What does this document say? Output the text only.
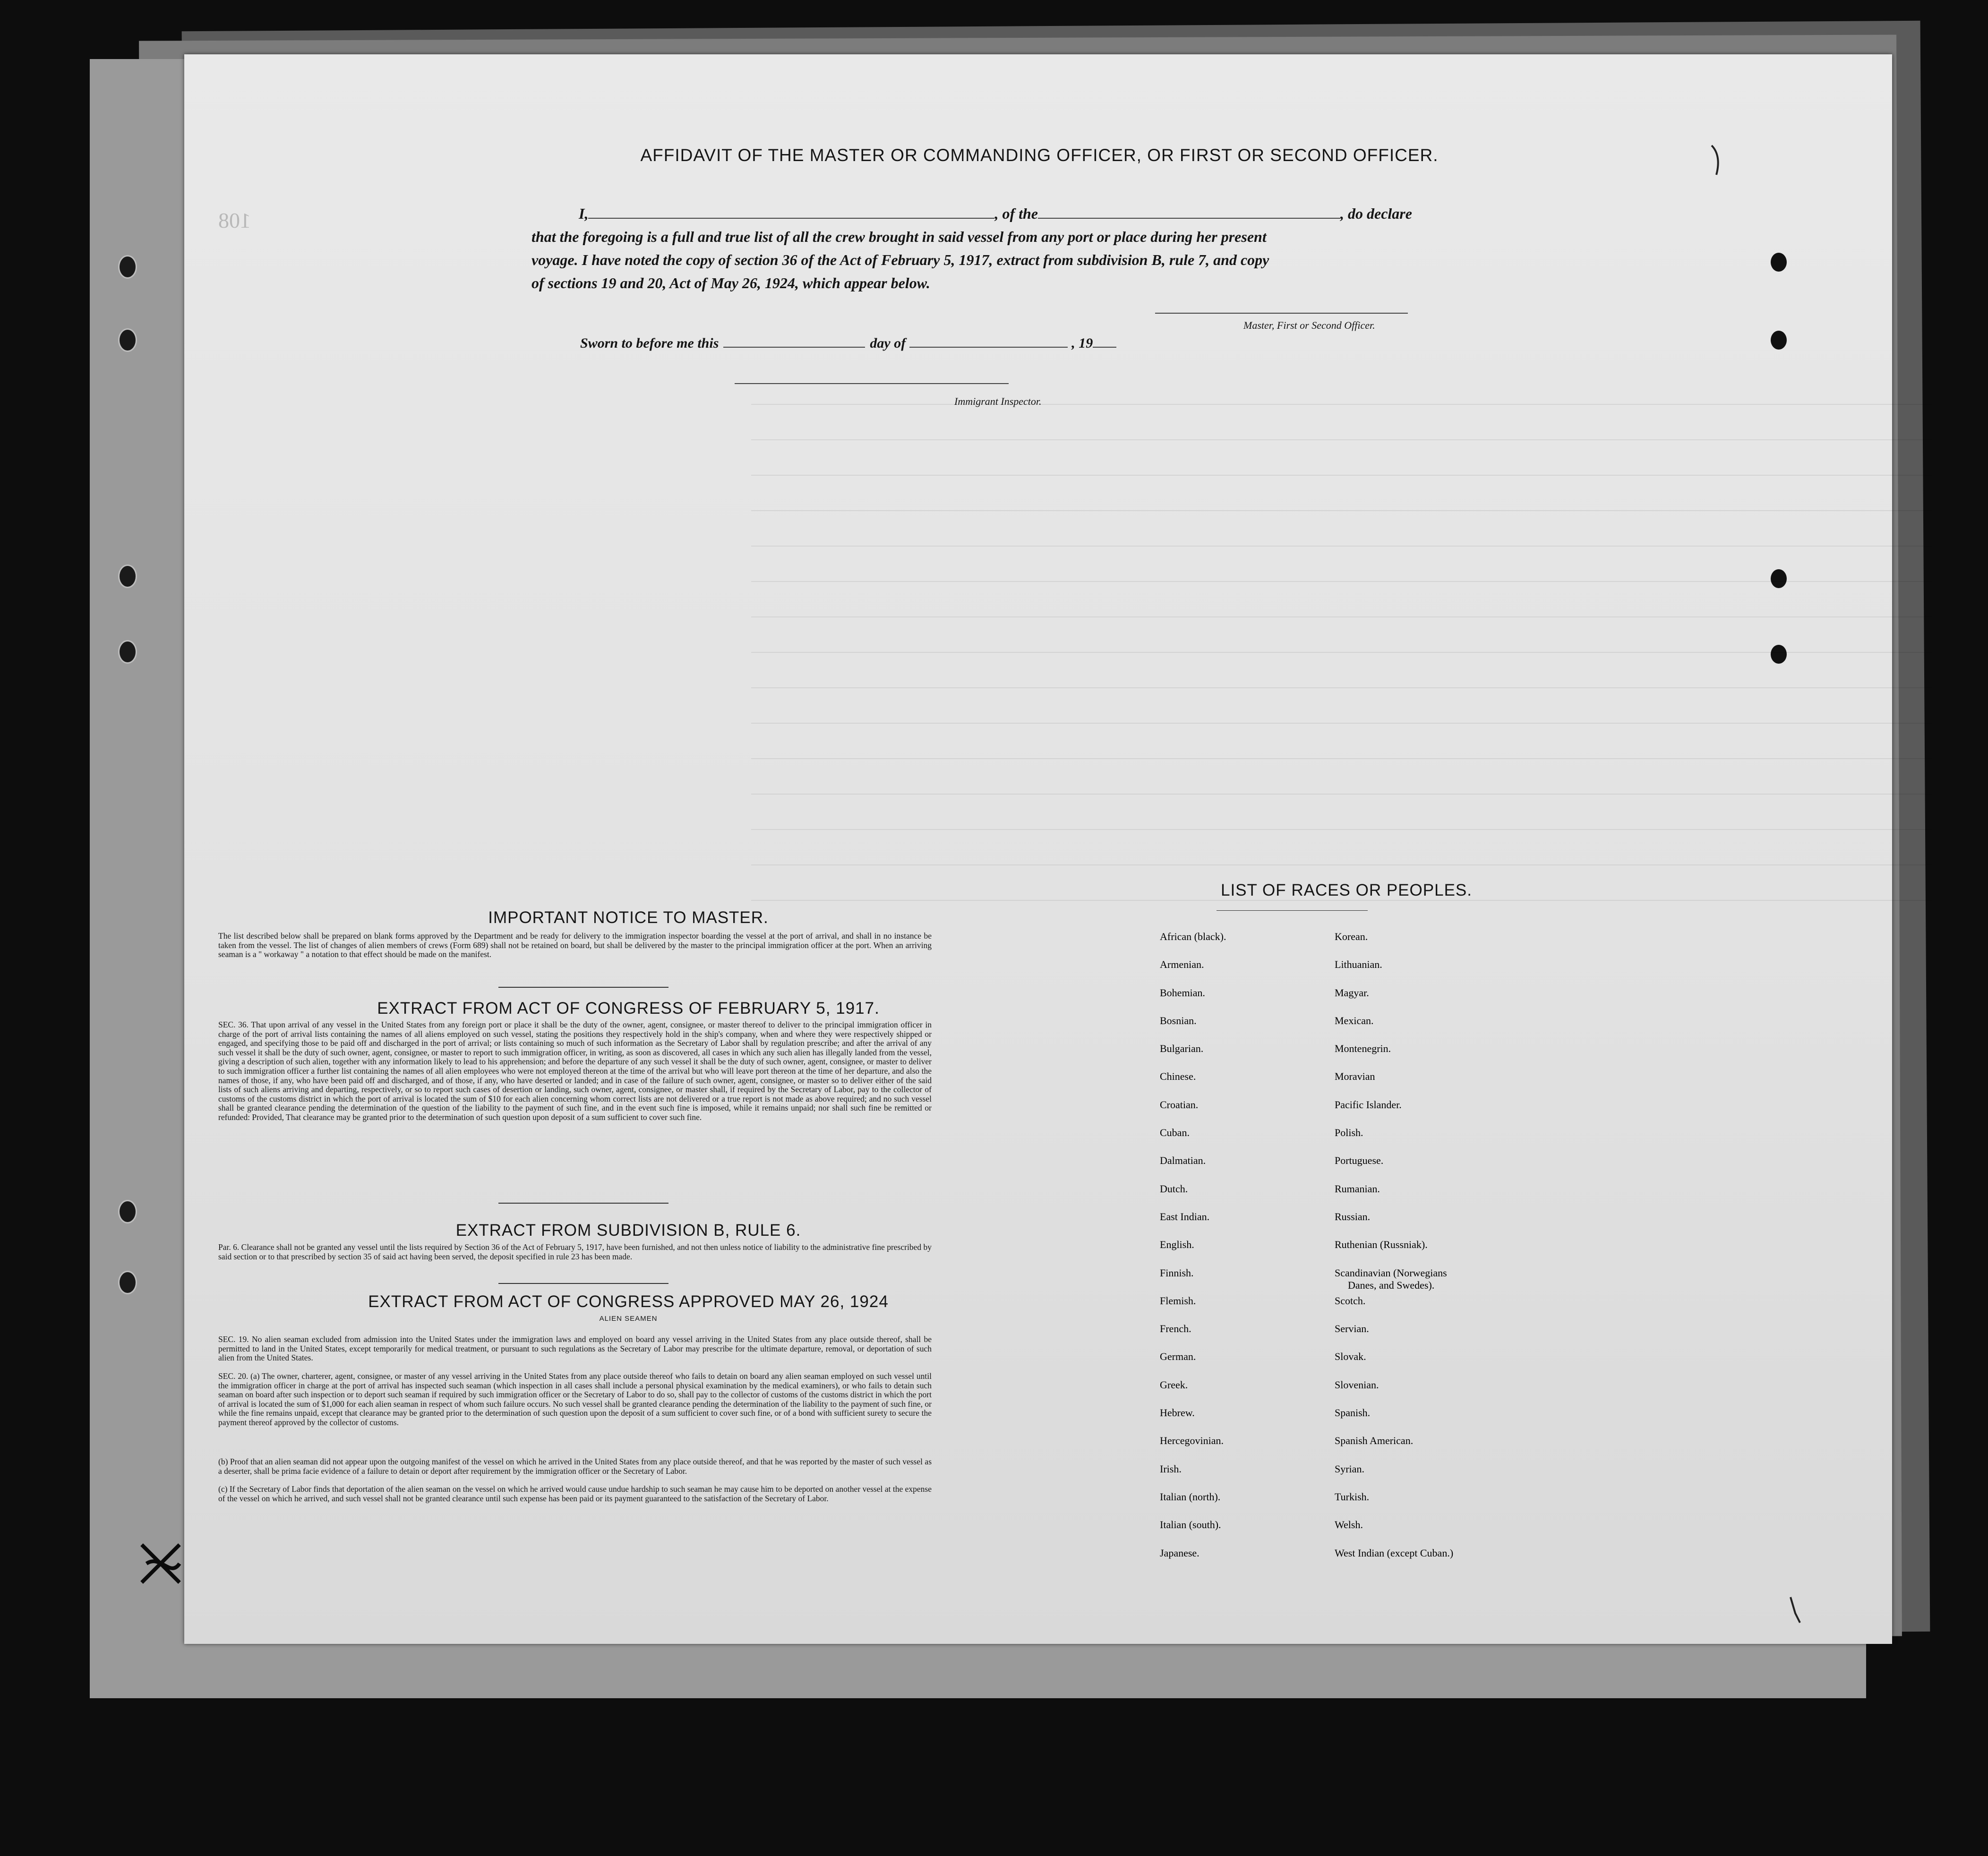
108
AFFIDAVIT OF THE MASTER OR COMMANDING OFFICER, OR FIRST OR SECOND OFFICER.
I,	, of the	, do declare
that the foregoing is a full and true list of all the crew brought in said vessel from any port or place during her present
voyage. I have noted the copy of section 36 of the Act of February 5, 1917, extract from subdivision B, rule 7, and copy
of sections 19 and 20, Act of May 26, 1924, which appear below.
Master, First or Second Officer.
Sworn to before me this	day of	, 19
Immigrant Inspector.
IMPORTANT NOTICE TO MASTER.
The list described below shall be prepared on blank forms approved by the Department and be ready for delivery to the immigration inspector boarding the vessel at the port of arrival, and shall in no instance be taken from the vessel. The list of changes of alien members of crews (Form 689) shall not be retained on board, but shall be delivered by the master to the principal immigration officer at the port. When an arriving seaman is a " workaway " a notation to that effect should be made on the manifest.
EXTRACT FROM ACT OF CONGRESS OF FEBRUARY 5, 1917.
SEC. 36. That upon arrival of any vessel in the United States from any foreign port or place it shall be the duty of the owner, agent, consignee, or master thereof to deliver to the principal immigration officer in charge of the port of arrival lists containing the names of all aliens employed on such vessel, stating the positions they respectively hold in the ship's company, when and where they were respectively shipped or engaged, and specifying those to be paid off and discharged in the port of arrival; or lists containing so much of such information as the Secretary of Labor shall by regulation prescribe; and after the arrival of any such vessel it shall be the duty of such owner, agent, consignee, or master to report to such immigration officer, in writing, as soon as discovered, all cases in which any such alien has illegally landed from the vessel, giving a description of such alien, together with any information likely to lead to his apprehension; and before the departure of any such vessel it shall be the duty of such owner, agent, consignee, or master to deliver to such immigration officer a further list containing the names of all alien employees who were not employed thereon at the time of the arrival but who will leave port thereon at the time of her departure, and also the names of those, if any, who have been paid off and discharged, and of those, if any, who have deserted or landed; and in case of the failure of such owner, agent, consignee, or master so to deliver either of the said lists of such aliens arriving and departing, respectively, or so to report such cases of desertion or landing, such owner, agent, consignee, or master shall, if required by the Secretary of Labor, pay to the collector of customs of the customs district in which the port of arrival is located the sum of $10 for each alien concerning whom correct lists are not delivered or a true report is not made as above required; and no such vessel shall be granted clearance pending the determination of the question of the liability to the payment of such fine, and in the event such fine is imposed, while it remains unpaid; nor shall such fine be remitted or refunded: Provided, That clearance may be granted prior to the determination of such question upon deposit of a sum sufficient to cover such fine.
EXTRACT FROM SUBDIVISION B, RULE 6.
Par. 6. Clearance shall not be granted any vessel until the lists required by Section 36 of the Act of February 5, 1917, have been furnished, and not then unless notice of liability to the administrative fine prescribed by said section or to that prescribed by section 35 of said act having been served, the deposit specified in rule 23 has been made.
EXTRACT FROM ACT OF CONGRESS APPROVED MAY 26, 1924
ALIEN SEAMEN
SEC. 19. No alien seaman excluded from admission into the United States under the immigration laws and employed on board any vessel arriving in the United States from any place outside thereof, shall be permitted to land in the United States, except temporarily for medical treatment, or pursuant to such regulations as the Secretary of Labor may prescribe for the ultimate departure, removal, or deportation of such alien from the United States.
SEC. 20. (a) The owner, charterer, agent, consignee, or master of any vessel arriving in the United States from any place outside thereof who fails to detain on board any alien seaman employed on such vessel until the immigration officer in charge at the port of arrival has inspected such seaman (which inspection in all cases shall include a personal physical examination by the medical examiners), or who fails to detain such seaman on board after such inspection or to deport such seaman if required by such immigration officer or the Secretary of Labor to do so, shall pay to the collector of customs of the customs district in which the port of arrival is located the sum of $1,000 for each alien seaman in respect of whom such failure occurs. No such vessel shall be granted clearance pending the determination of the liability to the payment of such fine, or while the fine remains unpaid, except that clearance may be granted prior to the determination of such question upon the deposit of a sum sufficient to cover such fine, or of a bond with sufficient surety to secure the payment thereof approved by the collector of customs.
(b) Proof that an alien seaman did not appear upon the outgoing manifest of the vessel on which he arrived in the United States from any place outside thereof, and that he was reported by the master of such vessel as a deserter, shall be prima facie evidence of a failure to detain or deport after requirement by the immigration officer or the Secretary of Labor.
(c) If the Secretary of Labor finds that deportation of the alien seaman on the vessel on which he arrived would cause undue hardship to such seaman he may cause him to be deported on another vessel at the expense of the vessel on which he arrived, and such vessel shall not be granted clearance until such expense has been paid or its payment guaranteed to the satisfaction of the Secretary of Labor.
LIST OF RACES OR PEOPLES.
African (black).
Armenian.
Bohemian.
Bosnian.
Bulgarian.
Chinese.
Croatian.
Cuban.
Dalmatian.
Dutch.
East Indian.
English.
Finnish.
Flemish.
French.
German.
Greek.
Hebrew.
Hercegovinian.
Irish.
Italian (north).
Italian (south).
Japanese.
Korean.
Lithuanian.
Magyar.
Mexican.
Montenegrin.
Moravian
Pacific Islander.
Polish.
Portuguese.
Rumanian.
Russian.
Ruthenian (Russniak).
Scandinavian (Norwegians
Danes, and Swedes).
Scotch.
Servian.
Slovak.
Slovenian.
Spanish.
Spanish American.
Syrian.
Turkish.
Welsh.
West Indian (except Cuban.)
